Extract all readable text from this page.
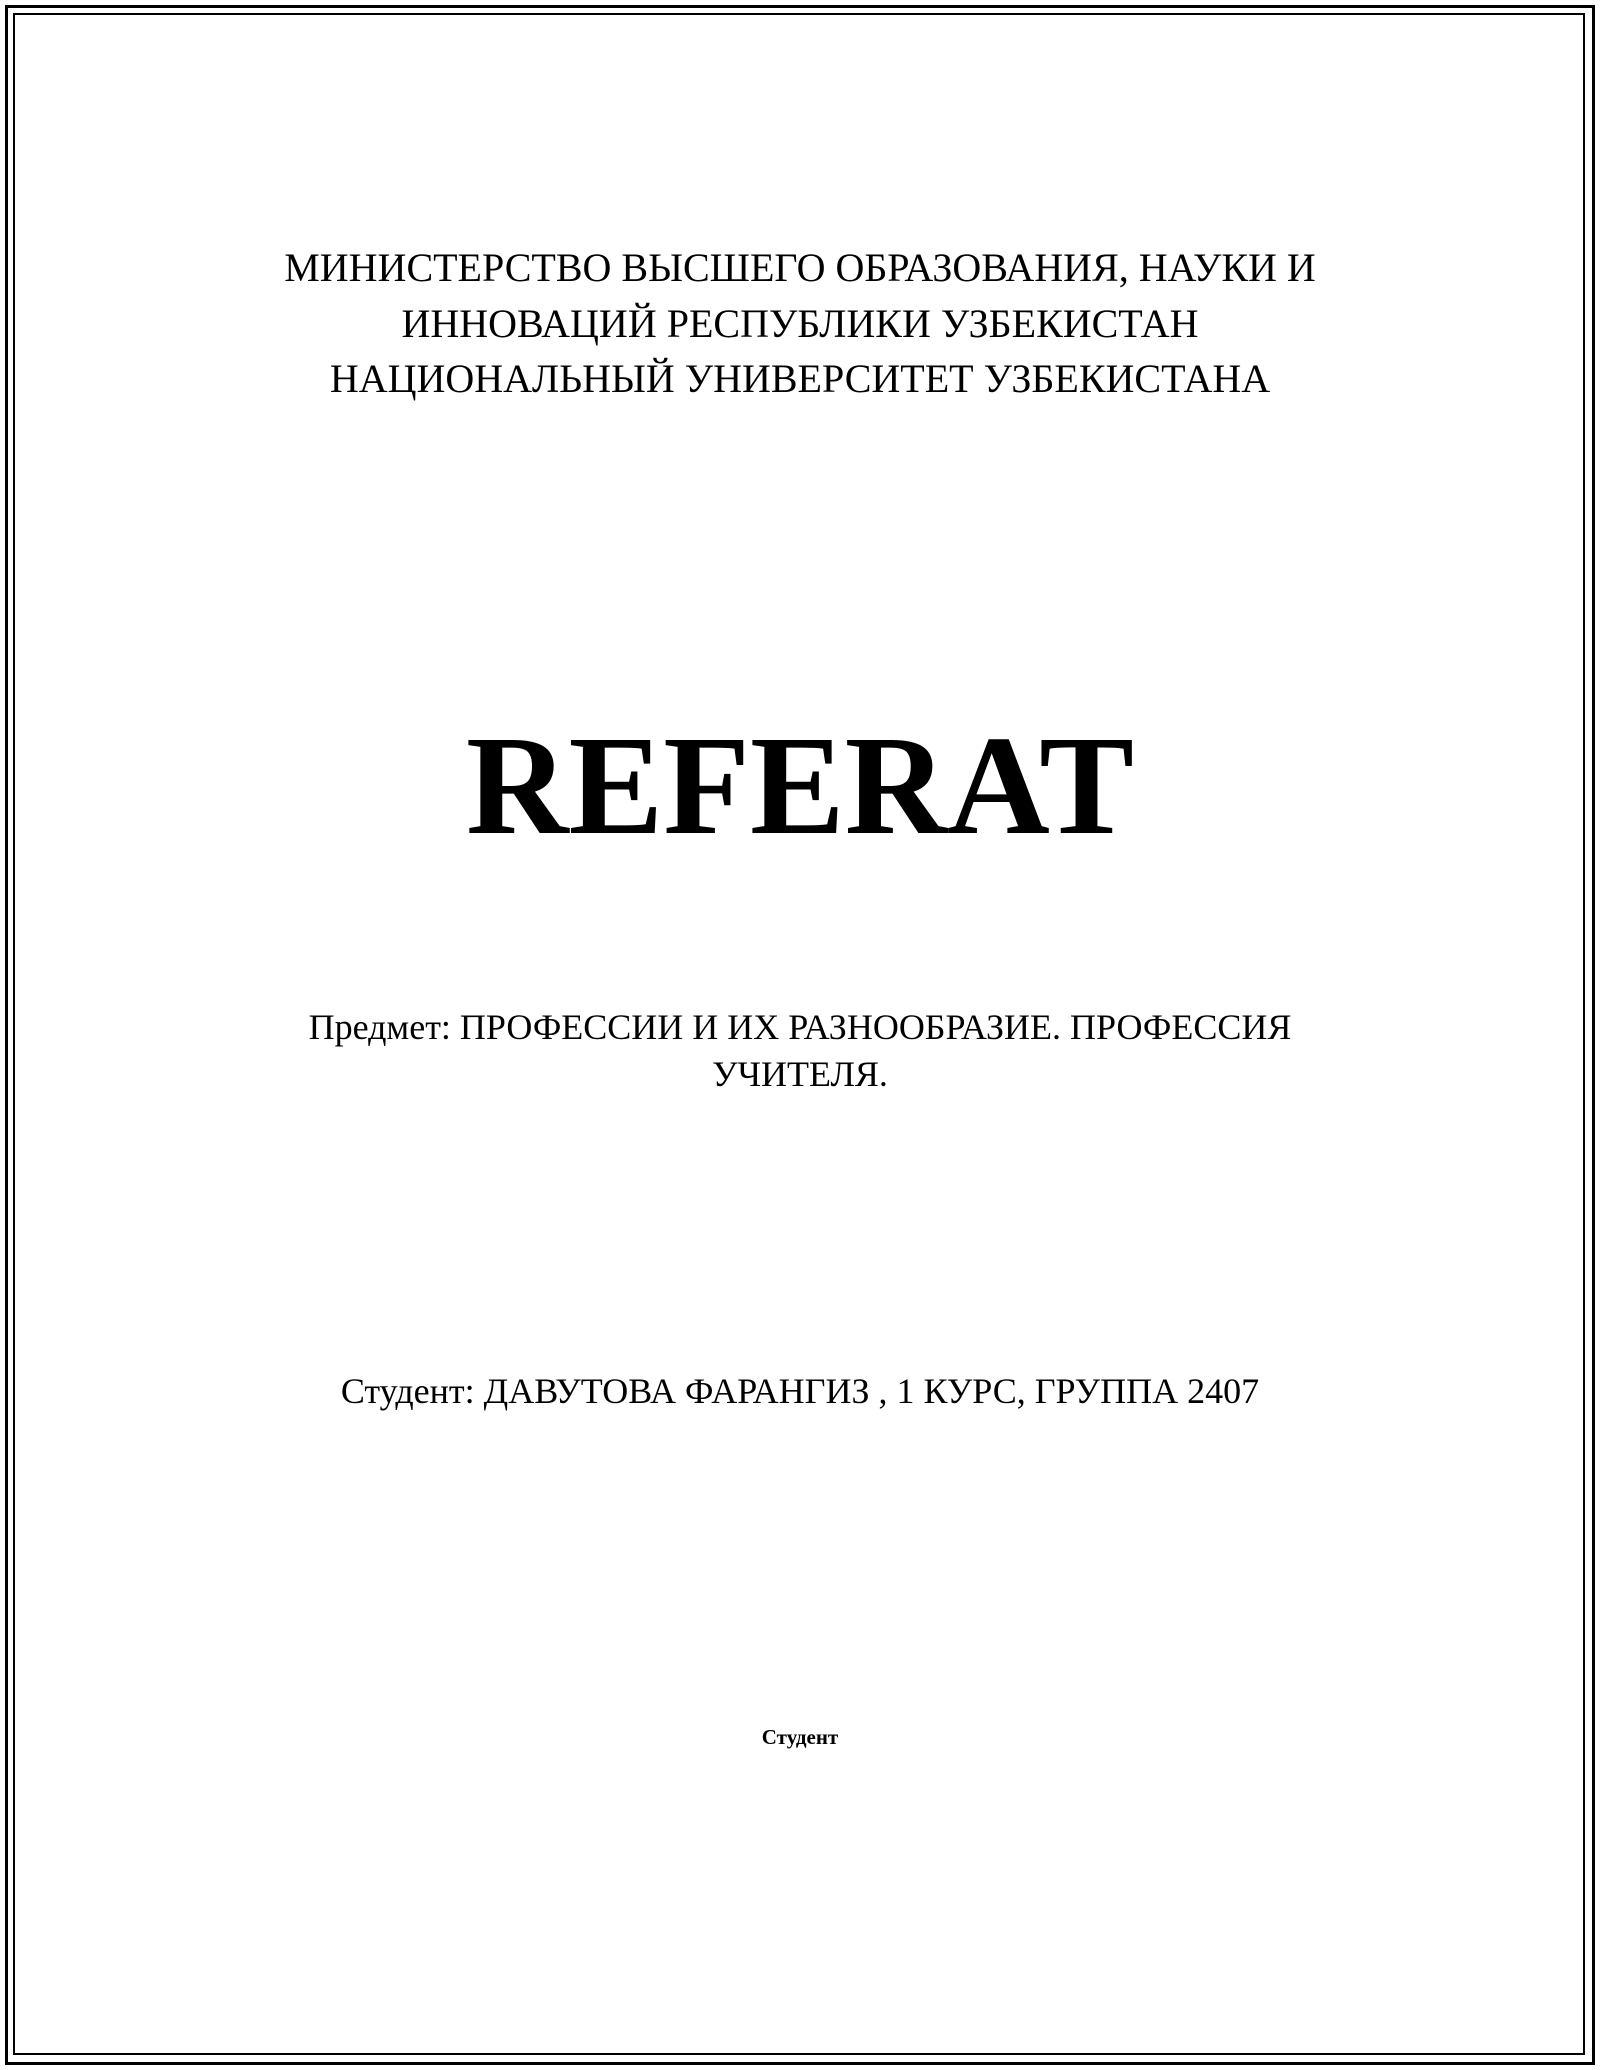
МИНИСТЕРСТВО ВЫСШЕГО ОБРАЗОВАНИЯ, НАУКИ И
ИННОВАЦИЙ РЕСПУБЛИКИ УЗБЕКИСТАН
НАЦИОНАЛЬНЫЙ УНИВЕРСИТЕТ УЗБЕКИСТАНА
REFERAT
Предмет: ПРОФЕССИИ И ИХ РАЗНООБРАЗИЕ. ПРОФЕССИЯ
УЧИТЕЛЯ.
Студент: ДАВУТОВА ФАРАНГИЗ , 1 КУРС, ГРУППА 2407
Студент
